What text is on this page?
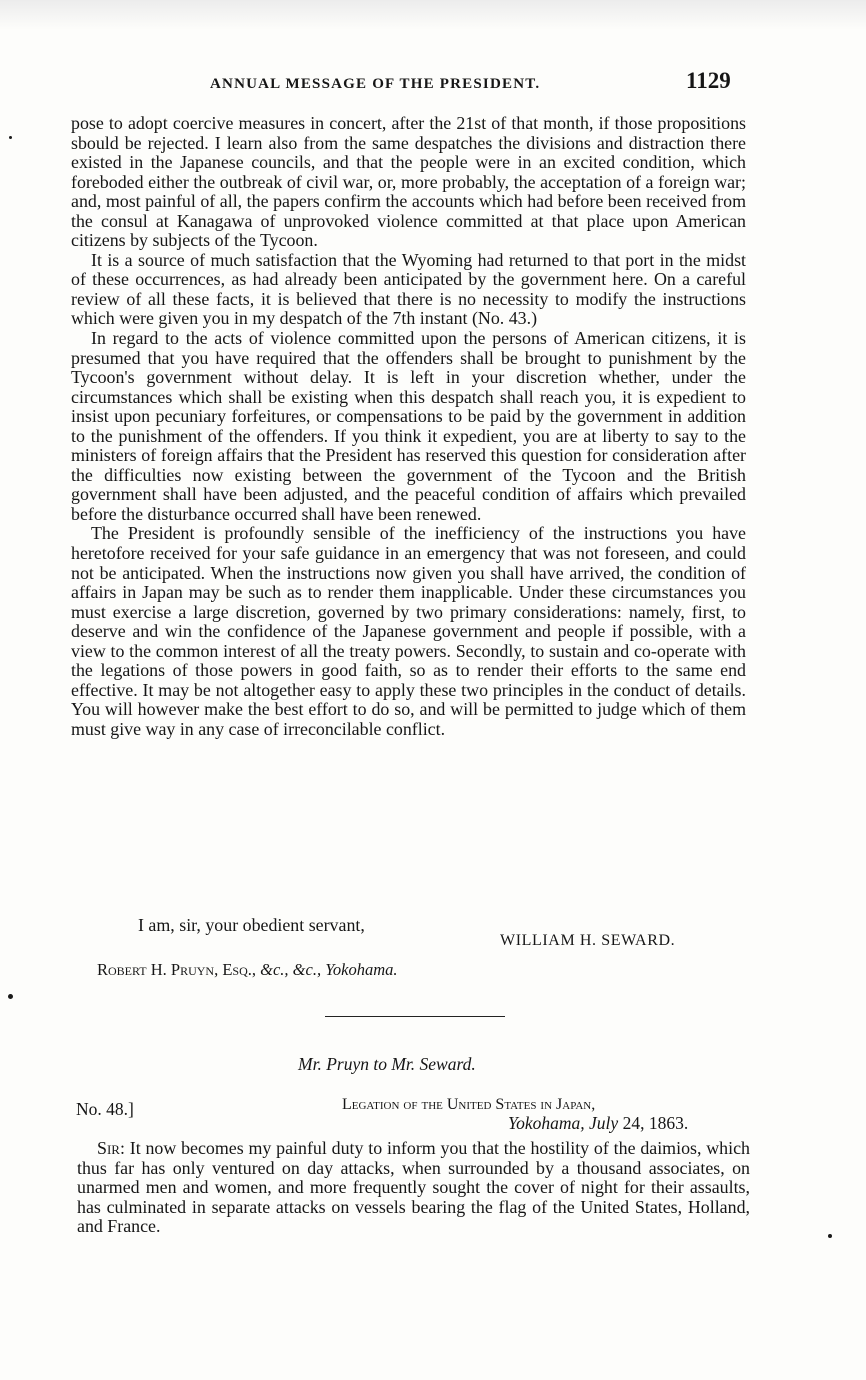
ANNUAL MESSAGE OF THE PRESIDENT.	1129

pose to adopt coercive measures in concert, after the 21st of that month, if those propositions sbould be rejected. I learn also from the same despatches the divisions and distraction there existed in the Japanese councils, and that the people were in an excited condition, which foreboded either the outbreak of civil war, or, more probably, the acceptation of a foreign war; and, most painful of all, the papers confirm the accounts which had before been received from the consul at Kanagawa of unprovoked violence committed at that place upon American citizens by subjects of the Tycoon.

It is a source of much satisfaction that the Wyoming had returned to that port in the midst of these occurrences, as had already been anticipated by the government here. On a careful review of all these facts, it is believed that there is no necessity to modify the instructions which were given you in my despatch of the 7th instant (No. 43.)

In regard to the acts of violence committed upon the persons of American citizens, it is presumed that you have required that the offenders shall be brought to punishment by the Tycoon's government without delay. It is left in your discretion whether, under the circumstances which shall be existing when this despatch shall reach you, it is expedient to insist upon pecuniary forfeitures, or compensations to be paid by the government in addition to the punishment of the offenders. If you think it expedient, you are at liberty to say to the ministers of foreign affairs that the President has reserved this question for consideration after the difficulties now existing between the government of the Tycoon and the British government shall have been adjusted, and the peaceful condition of affairs which prevailed before the disturbance occurred shall have been renewed.

The President is profoundly sensible of the inefficiency of the instructions you have heretofore received for your safe guidance in an emergency that was not foreseen, and could not be anticipated. When the instructions now given you shall have arrived, the condition of affairs in Japan may be such as to render them inapplicable. Under these circumstances you must exercise a large discretion, governed by two primary considerations: namely, first, to deserve and win the confidence of the Japanese government and people if possible, with a view to the common interest of all the treaty powers. Secondly, to sustain and co-operate with the legations of those powers in good faith, so as to render their efforts to the same end effective. It may be not altogether easy to apply these two principles in the conduct of details. You will however make the best effort to do so, and will be permitted to judge which of them must give way in any case of irreconcilable conflict.

I am, sir, your obedient servant,
WILLIAM H. SEWARD.
Robert H. Pruyn, Esq., &c., &c., Yokohama.
Mr. Pruyn to Mr. Seward.
No. 48.]	Legation of the United States in Japan,
Yokohama, July 24, 1863.

Sir: It now becomes my painful duty to inform you that the hostility of the daimios, which thus far has only ventured on day attacks, when surrounded by a thousand associates, on unarmed men and women, and more frequently sought the cover of night for their assaults, has culminated in separate attacks on vessels bearing the flag of the United States, Holland, and France.
